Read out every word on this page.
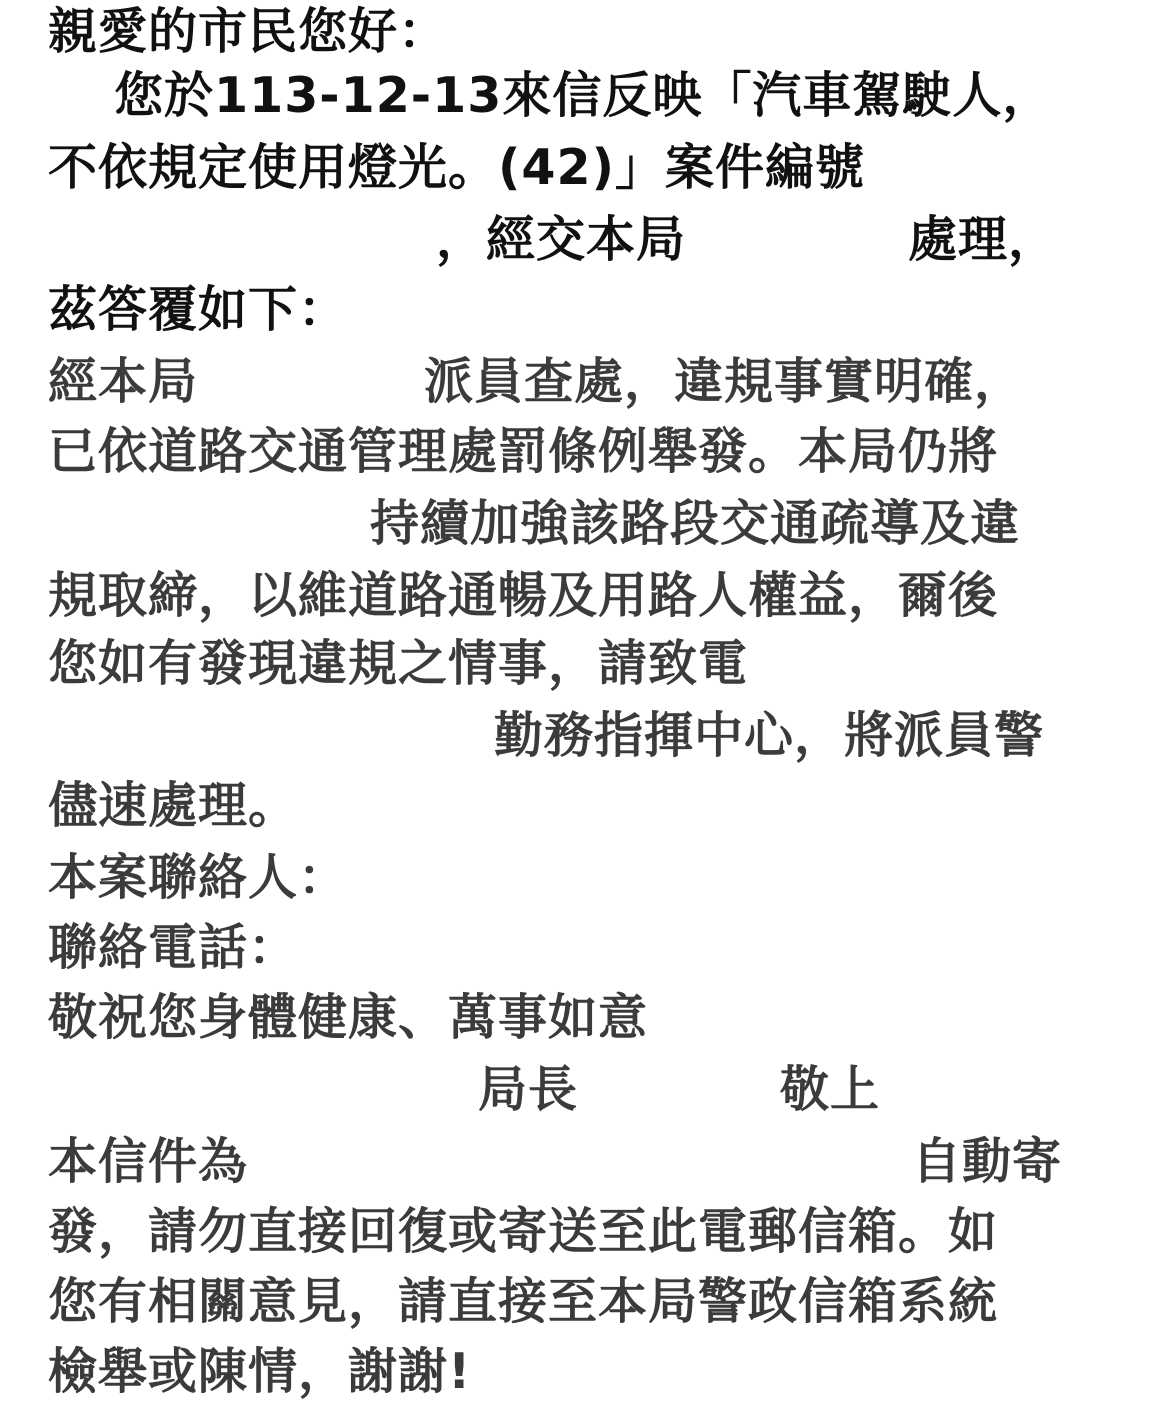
親愛的市民您好：
您於113-12-13來信反映「汽車駕駛人，
不依規定使用燈光。(42)」案件編號
，經交本局	處理，
茲答覆如下：
經本局	派員查處，違規事實明確，
已依道路交通管理處罰條例舉發。本局仍將
持續加強該路段交通疏導及違
規取締，以維道路通暢及用路人權益，爾後
您如有發現違規之情事，請致電
勤務指揮中心，將派員警
儘速處理。
本案聯絡人：
聯絡電話：
敬祝您身體健康、萬事如意
局長	敬上
本信件為	自動寄
發，請勿直接回復或寄送至此電郵信箱。如
您有相關意見，請直接至本局警政信箱系統
檢舉或陳情，謝謝!
